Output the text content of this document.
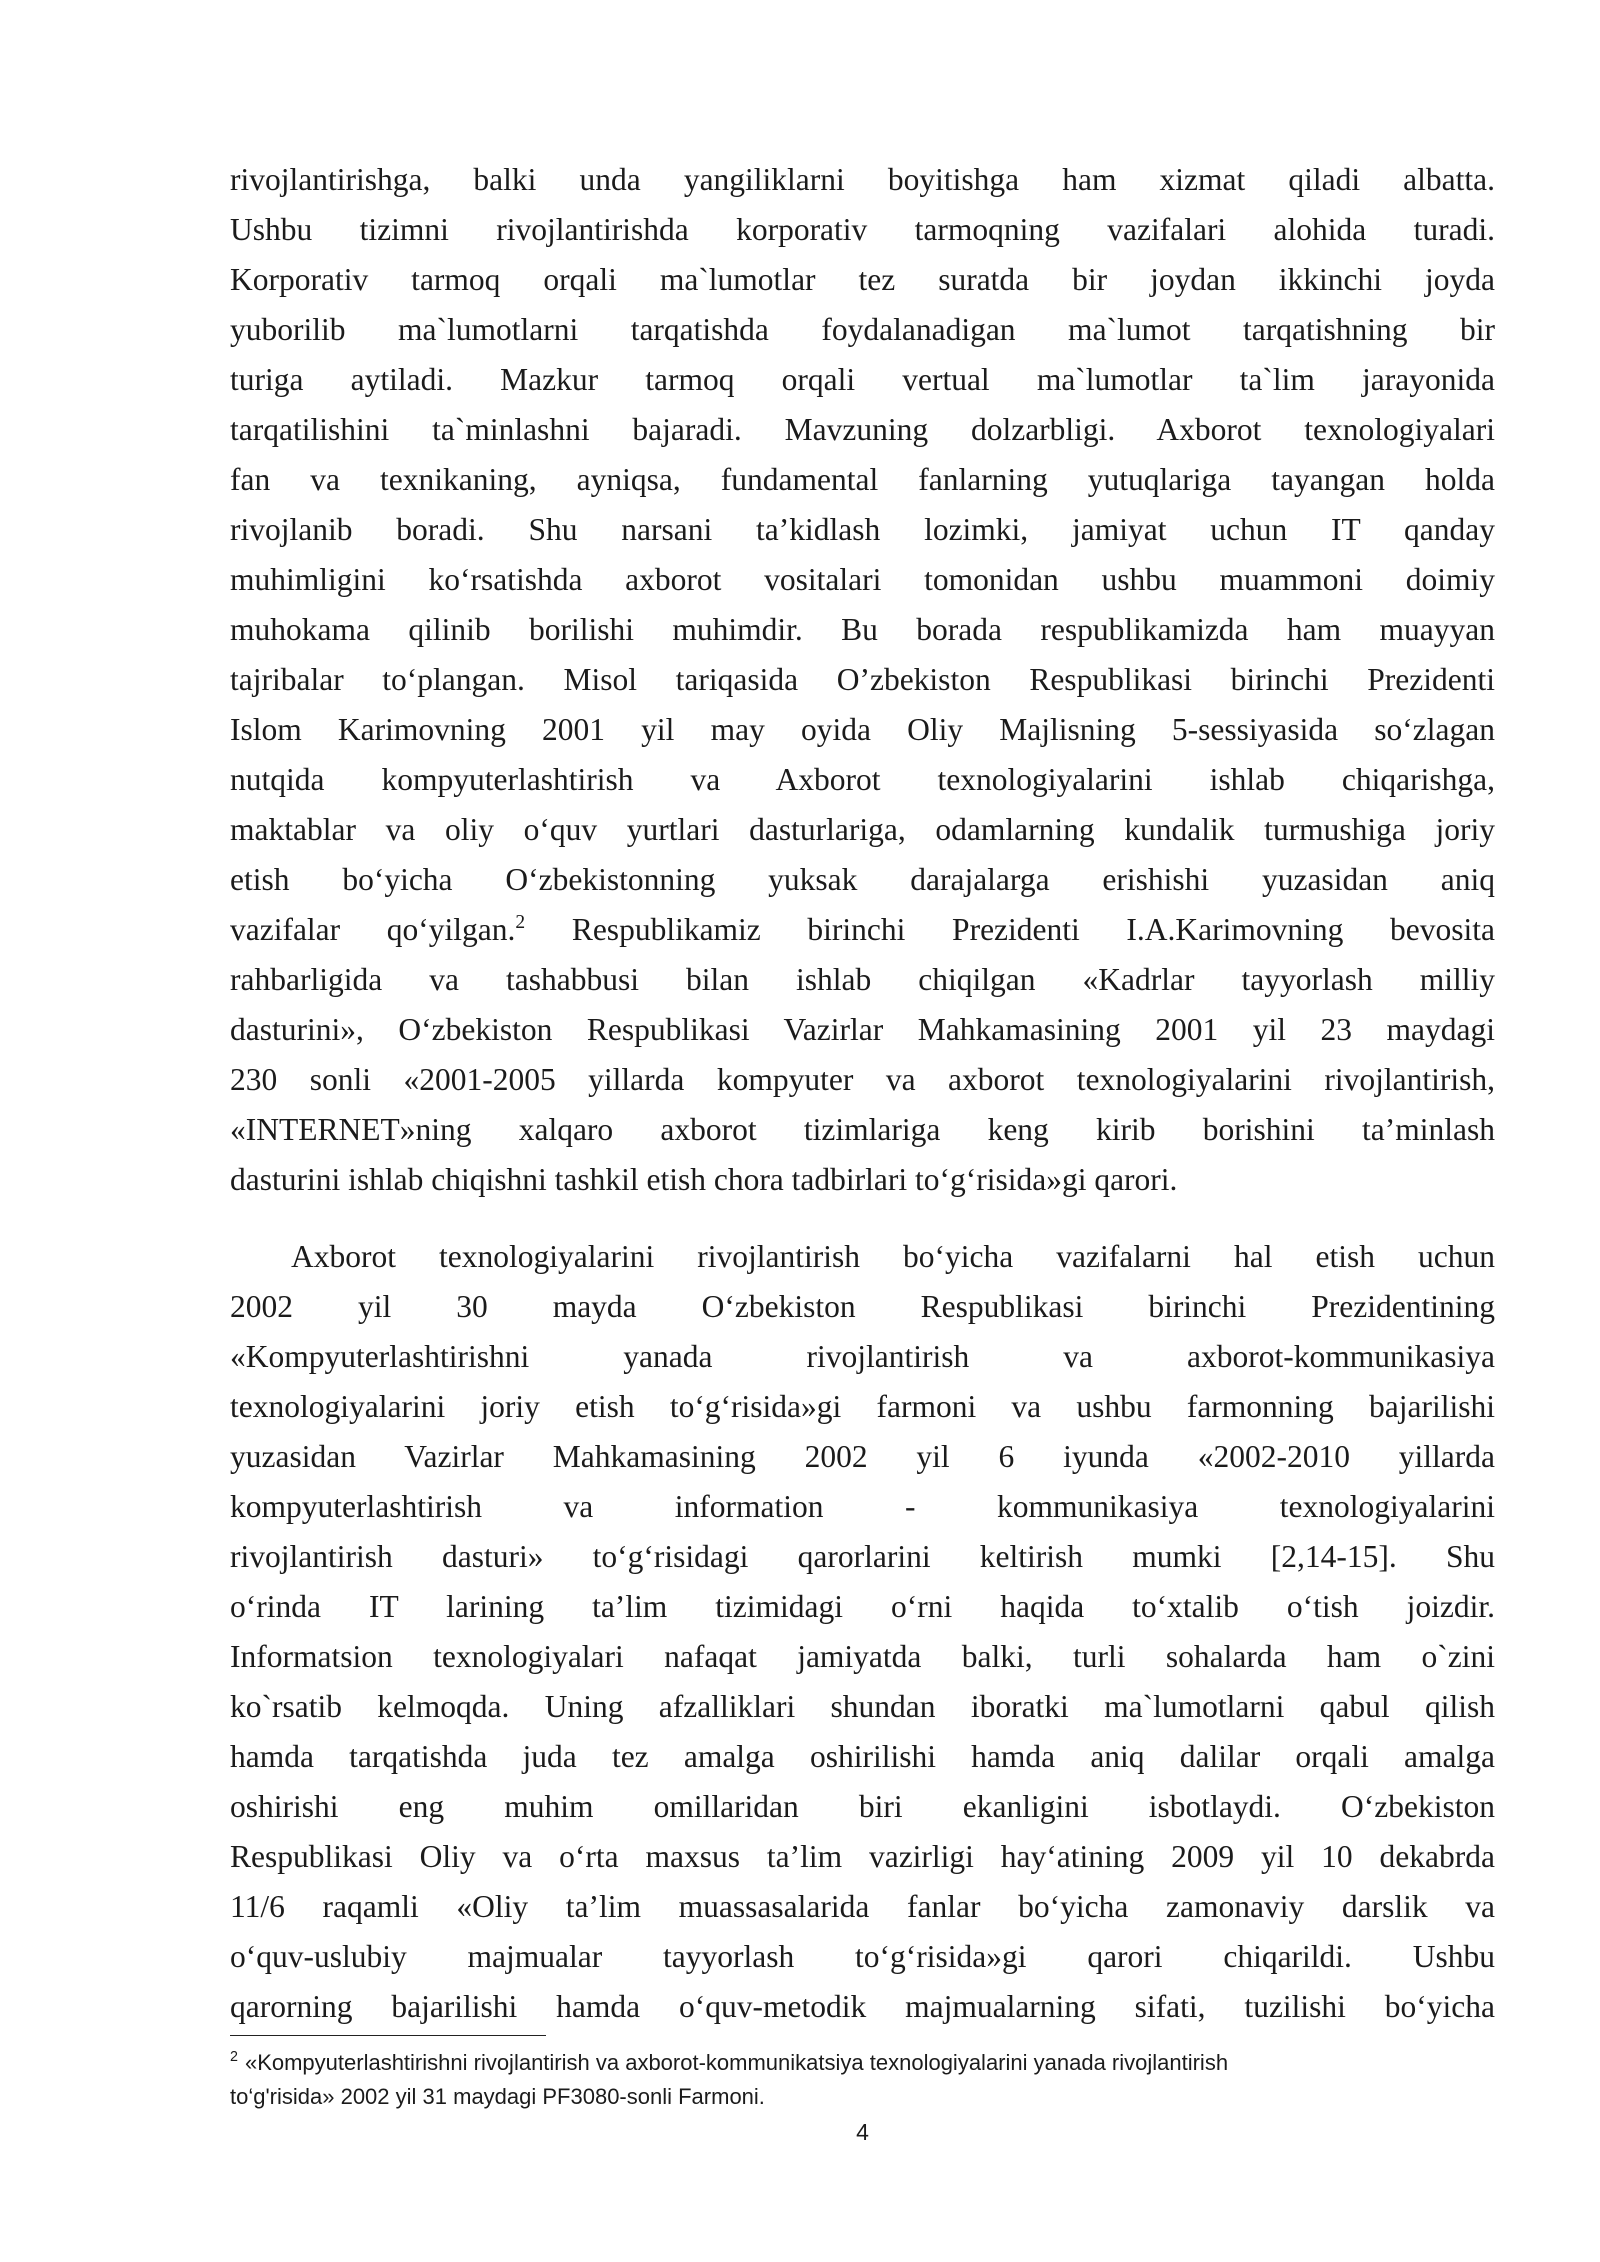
rivojlantirishga, balki unda yangiliklarni boyitishga ham xizmat qiladi albatta.
Ushbu tizimni rivojlantirishda korporativ tarmoqning vazifalari alohida turadi.
Korporativ tarmoq orqali ma`lumotlar tez suratda bir joydan ikkinchi joyda
yuborilib ma`lumotlarni tarqatishda foydalanadigan ma`lumot tarqatishning bir
turiga aytiladi. Mazkur tarmoq orqali vertual ma`lumotlar ta`lim jarayonida
tarqatilishini ta`minlashni bajaradi. Mavzuning dolzarbligi. Axborot texnologiyalari
fan va texnikaning, ayniqsa, fundamental fanlarning yutuqlariga tayangan holda
rivojlanib boradi. Shu narsani ta’kidlash lozimki, jamiyat uchun IT qanday
muhimligini ko‘rsatishda axborot vositalari tomonidan ushbu muammoni doimiy
muhokama qilinib borilishi muhimdir. Bu borada respublikamizda ham muayyan
tajribalar to‘plangan. Misol tariqasida O’zbekiston Respublikasi birinchi Prezidenti
Islom Karimovning 2001 yil may oyida Oliy Majlisning 5-sessiyasida so‘zlagan
nutqida kompyuterlashtirish va Axborot texnologiyalarini ishlab chiqarishga,
maktablar va oliy o‘quv yurtlari dasturlariga, odamlarning kundalik turmushiga joriy
etish bo‘yicha O‘zbekistonning yuksak darajalarga erishishi yuzasidan aniq
vazifalar qo‘yilgan.$^2$ Respublikamiz birinchi Prezidenti I.A.Karimovning bevosita
rahbarligida va tashabbusi bilan ishlab chiqilgan «Kadrlar tayyorlash milliy
dasturini», O‘zbekiston Respublikasi Vazirlar Mahkamasining 2001 yil 23 maydagi
230 sonli «2001-2005 yillarda kompyuter va axborot texnologiyalarini rivojlantirish,
«INTERNET»ning xalqaro axborot tizimlariga keng kirib borishini ta’minlash
dasturini ishlab chiqishni tashkil etish chora tadbirlari to‘g‘risida»gi qarori.
Axborot texnologiyalarini rivojlantirish bo‘yicha vazifalarni hal etish uchun
2002 yil 30 mayda O‘zbekiston Respublikasi birinchi Prezidentining
«Kompyuterlashtirishni yanada rivojlantirish va axborot-kommunikasiya
texnologiyalarini joriy etish to‘g‘risida»gi farmoni va ushbu farmonning bajarilishi
yuzasidan Vazirlar Mahkamasining 2002 yil 6 iyunda «2002-2010 yillarda
kompyuterlashtirish va information - kommunikasiya texnologiyalarini
rivojlantirish dasturi» to‘g‘risidagi qarorlarini keltirish mumki [2,14-15]. Shu
o‘rinda IT larining ta’lim tizimidagi o‘rni haqida to‘xtalib o‘tish joizdir.
Informatsion texnologiyalari nafaqat jamiyatda balki, turli sohalarda ham o`zini
ko`rsatib kelmoqda. Uning afzalliklari shundan iboratki ma`lumotlarni qabul qilish
hamda tarqatishda juda tez amalga oshirilishi hamda aniq dalilar orqali amalga
oshirishi eng muhim omillaridan biri ekanligini isbotlaydi. O‘zbekiston
Respublikasi Oliy va o‘rta maxsus ta’lim vazirligi hay‘atining 2009 yil 10 dekabrda
11/6 raqamli «Oliy ta’lim muassasalarida fanlar bo‘yicha zamonaviy darslik va
o‘quv-uslubiy majmualar tayyorlash to‘g‘risida»gi qarori chiqarildi. Ushbu
qarorning bajarilishi hamda o‘quv-metodik majmualarning sifati, tuzilishi bo‘yicha
$^2$ «Kompyuterlashtirishni rivojlantirish va axborot-kommunikatsiya texnologiyalarini yanada rivojlantirish
to‘g'risida» 2002 yil 31 maydagi PF3080-sonli Farmoni.
4
